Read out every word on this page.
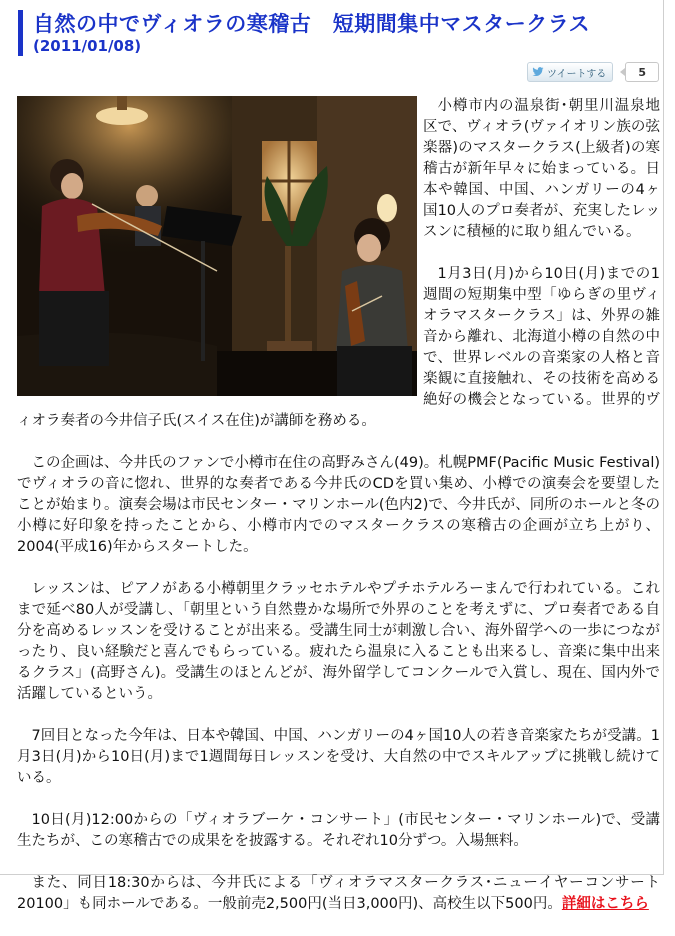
自然の中でヴィオラの寒稽古　短期間集中マスタークラス
(2011/01/08)
ツイートする	5

小樽市内の温泉街･朝里川温泉地区で、ヴィオラ(ヴァイオリン族の弦楽器)のマスタークラス(上級者)の寒稽古が新年早々に始まっている。日本や韓国、中国、ハンガリーの4ヶ国10人のプロ奏者が、充実したレッスンに積極的に取り組んでいる。

1月3日(月)から10日(月)までの1週間の短期集中型「ゆらぎの里ヴィオラマスタークラス」は、外界の雑音から離れ、北海道小樽の自然の中で、世界レベルの音楽家の人格と音楽観に直接触れ、その技術を高める絶好の機会となっている。世界的ヴィオラ奏者の今井信子氏(スイス在住)が講師を務める。

この企画は、今井氏のファンで小樽市在住の高野みさん(49)。札幌PMF(Pacific Music Festival)でヴィオラの音に惚れ、世界的な奏者である今井氏のCDを買い集め、小樽での演奏会を要望したことが始まり。演奏会場は市民センター・マリンホール(色内2)で、今井氏が、同所のホールと冬の小樽に好印象を持ったことから、小樽市内でのマスタークラスの寒稽古の企画が立ち上がり、2004(平成16)年からスタートした。

レッスンは、ピアノがある小樽朝里クラッセホテルやプチホテルろーまんで行われている。これまで延べ80人が受講し、「朝里という自然豊かな場所で外界のことを考えずに、プロ奏者である自分を高めるレッスンを受けることが出来る。受講生同士が刺激し合い、海外留学への一歩につながったり、良い経験だと喜んでもらっている。疲れたら温泉に入ることも出来るし、音楽に集中出来るクラス」(高野さん)。受講生のほとんどが、海外留学してコンクールで入賞し、現在、国内外で活躍しているという。

7回目となった今年は、日本や韓国、中国、ハンガリーの4ヶ国10人の若き音楽家たちが受講。1月3日(月)から10日(月)まで1週間毎日レッスンを受け、大自然の中でスキルアップに挑戦し続けている。

10日(月)12:00からの「ヴィオラブーケ・コンサート」(市民センター・マリンホール)で、受講生たちが、この寒稽古での成果をを披露する。それぞれ10分ずつ。入場無料。

また、同日18:30からは、今井氏による「ヴィオラマスタークラス･ニューイヤーコンサート20100」も同ホールである。一般前売2,500円(当日3,000円)、高校生以下500円。詳細はこちら
